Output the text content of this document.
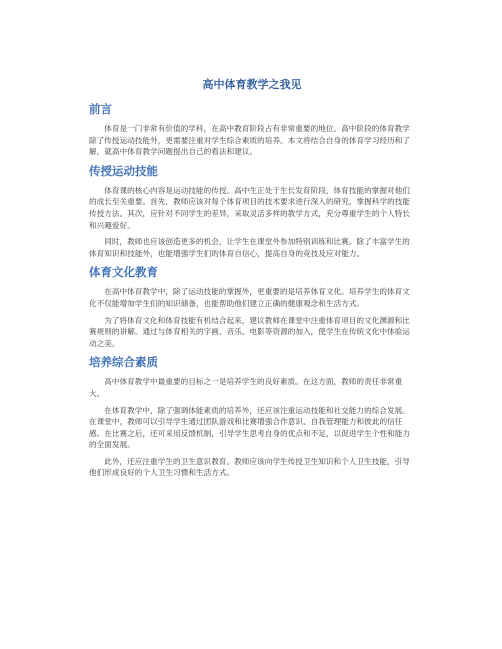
高中体育教学之我见
前言

体育是一门非常有价值的学科，在高中教育阶段占有非常重要的地位。高中阶段的体育教学除了传授运动技能外，更需要注重对学生综合素质的培养。本文将结合自身的体育学习经历和了解，就高中体育教学问题提出自己的看法和建议。

传授运动技能

体育课的核心内容是运动技能的传授。高中生正处于生长发育阶段，体育技能的掌握对他们的成长至关重要。首先，教师应该对每个体育项目的技术要求进行深入的研究，掌握科学的技能传授方法。其次，应针对不同学生的差异，采取灵活多样的教学方式，充分尊重学生的个人特长和兴趣爱好。

同时，教师也应该创造更多的机会，让学生在课堂外参加特别训练和比赛。除了丰富学生的体育知识和技能外，也能增强学生们的体育自信心，提高自身的竞技及应对能力。

体育文化教育

在高中体育教学中，除了运动技能的掌握外，更重要的是培养体育文化。培养学生的体育文化不仅能增加学生们的知识储备，也能帮助他们建立正确的健康观念和生活方式。

为了将体育文化和体育技能有机结合起来，建议教师在课堂中注重体育项目的文化渊源和比赛规则的讲解。通过与体育相关的字画、音乐、电影等资源的加入，使学生在传统文化中体验运动之美。

培养综合素质

高中体育教学中最重要的目标之一是培养学生的良好素质。在这方面，教师的责任非常重大。

在体育教学中，除了强调体能素质的培养外，还应该注重运动技能和社交能力的综合发展。在课堂中，教师可以引导学生通过团队游戏和比赛增强合作意识、自我管理能力和彼此的信任感。在比赛之后，还可采用反馈机制，引导学生思考自身的优点和不足，以促进学生个性和能力的全面发展。

此外，还应注重学生的卫生意识教育。教师应该向学生传授卫生知识和个人卫生技能，引导他们形成良好的个人卫生习惯和生活方式。
